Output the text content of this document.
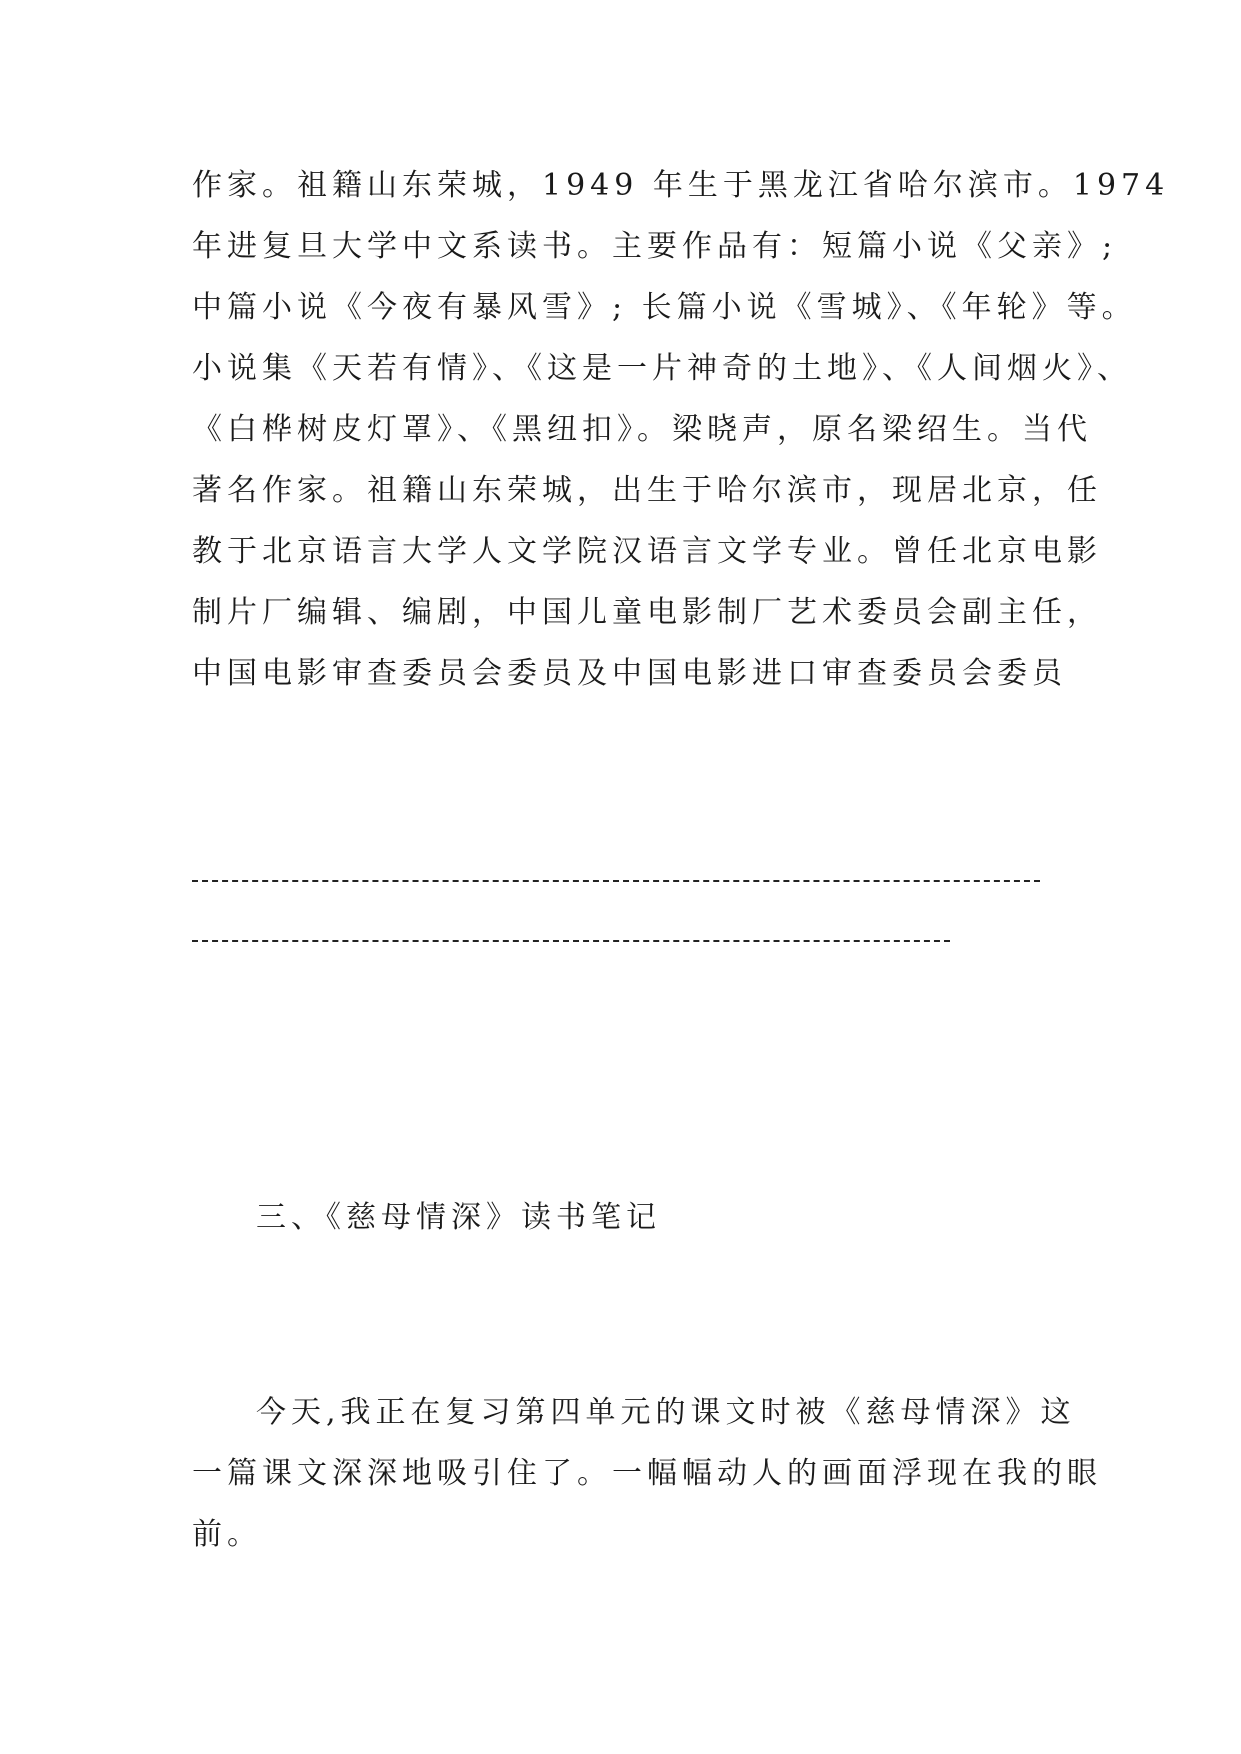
作家。祖籍山东荣城，1949 年生于黑龙江省哈尔滨市。1974
年进复旦大学中文系读书。主要作品有：短篇小说《父亲》;
中篇小说《今夜有暴风雪》; 长篇小说《雪城》、《年轮》等。
小说集《天若有情》、《这是一片神奇的土地》、《人间烟火》、
《白桦树皮灯罩》、《黑纽扣》。梁晓声，原名梁绍生。当代
著名作家。祖籍山东荣城，出生于哈尔滨市，现居北京，任
教于北京语言大学人文学院汉语言文学专业。曾任北京电影
制片厂编辑、编剧，中国儿童电影制厂艺术委员会副主任，
中国电影审查委员会委员及中国电影进口审查委员会委员
三、《慈母情深》读书笔记
今天,我正在复习第四单元的课文时被《慈母情深》这
一篇课文深深地吸引住了。一幅幅动人的画面浮现在我的眼
前。
